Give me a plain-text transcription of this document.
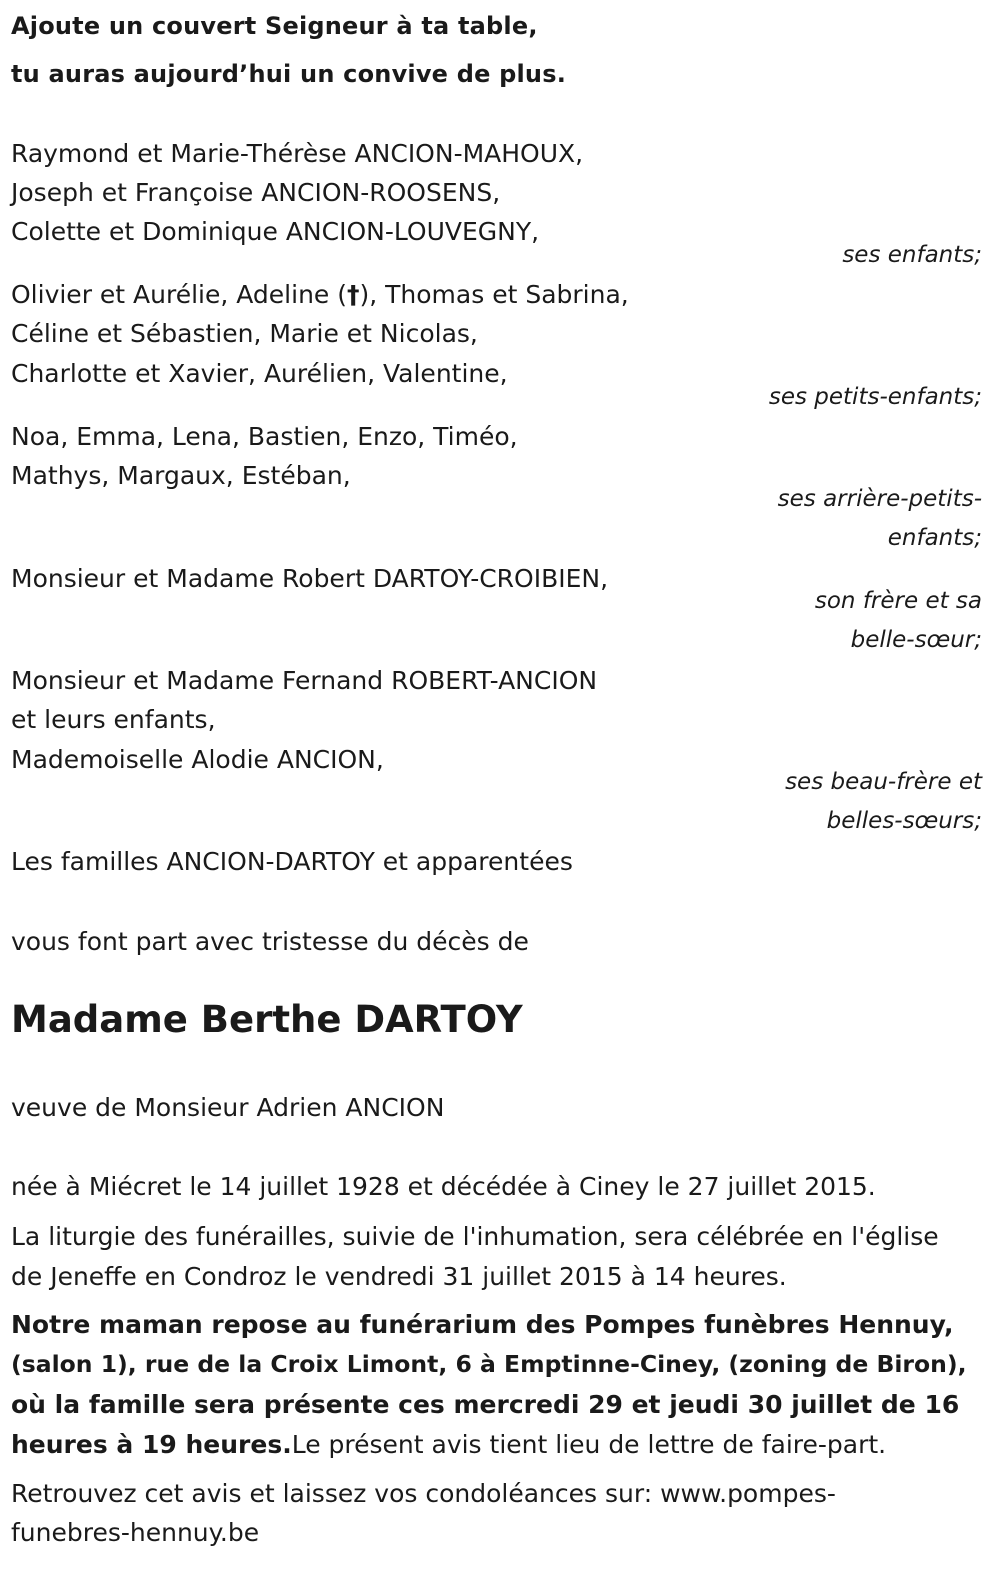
Ajoute un couvert Seigneur à ta table,
tu auras aujourd’hui un convive de plus.
Raymond et Marie-Thérèse ANCION-MAHOUX,
Joseph et Françoise ANCION-ROOSENS,
Colette et Dominique ANCION-LOUVEGNY,
ses enfants;
Olivier et Aurélie, Adeline (†), Thomas et Sabrina,
Céline et Sébastien, Marie et Nicolas,
Charlotte et Xavier, Aurélien, Valentine,
ses petits-enfants;
Noa, Emma, Lena, Bastien, Enzo, Timéo,
Mathys, Margaux, Estéban,
ses arrière-petits-
enfants;
Monsieur et Madame Robert DARTOY-CROIBIEN,
son frère et sa
belle-sœur;
Monsieur et Madame Fernand ROBERT-ANCION
et leurs enfants,
Mademoiselle Alodie ANCION,
ses beau-frère et
belles-sœurs;
Les familles ANCION-DARTOY et apparentées
vous font part avec tristesse du décès de
Madame Berthe DARTOY
veuve de Monsieur Adrien ANCION
née à Miécret le 14 juillet 1928 et décédée à Ciney le 27 juillet 2015.
La liturgie des funérailles, suivie de l'inhumation, sera célébrée en l'église
de Jeneffe en Condroz le vendredi 31 juillet 2015 à 14 heures.
Notre maman repose au funérarium des Pompes funèbres Hennuy,
(salon 1), rue de la Croix Limont, 6 à Emptinne-Ciney, (zoning de Biron),
où la famille sera présente ces mercredi 29 et jeudi 30 juillet de 16
heures à 19 heures.Le présent avis tient lieu de lettre de faire-part.
Retrouvez cet avis et laissez vos condoléances sur: www.pompes-
funebres-hennuy.be
